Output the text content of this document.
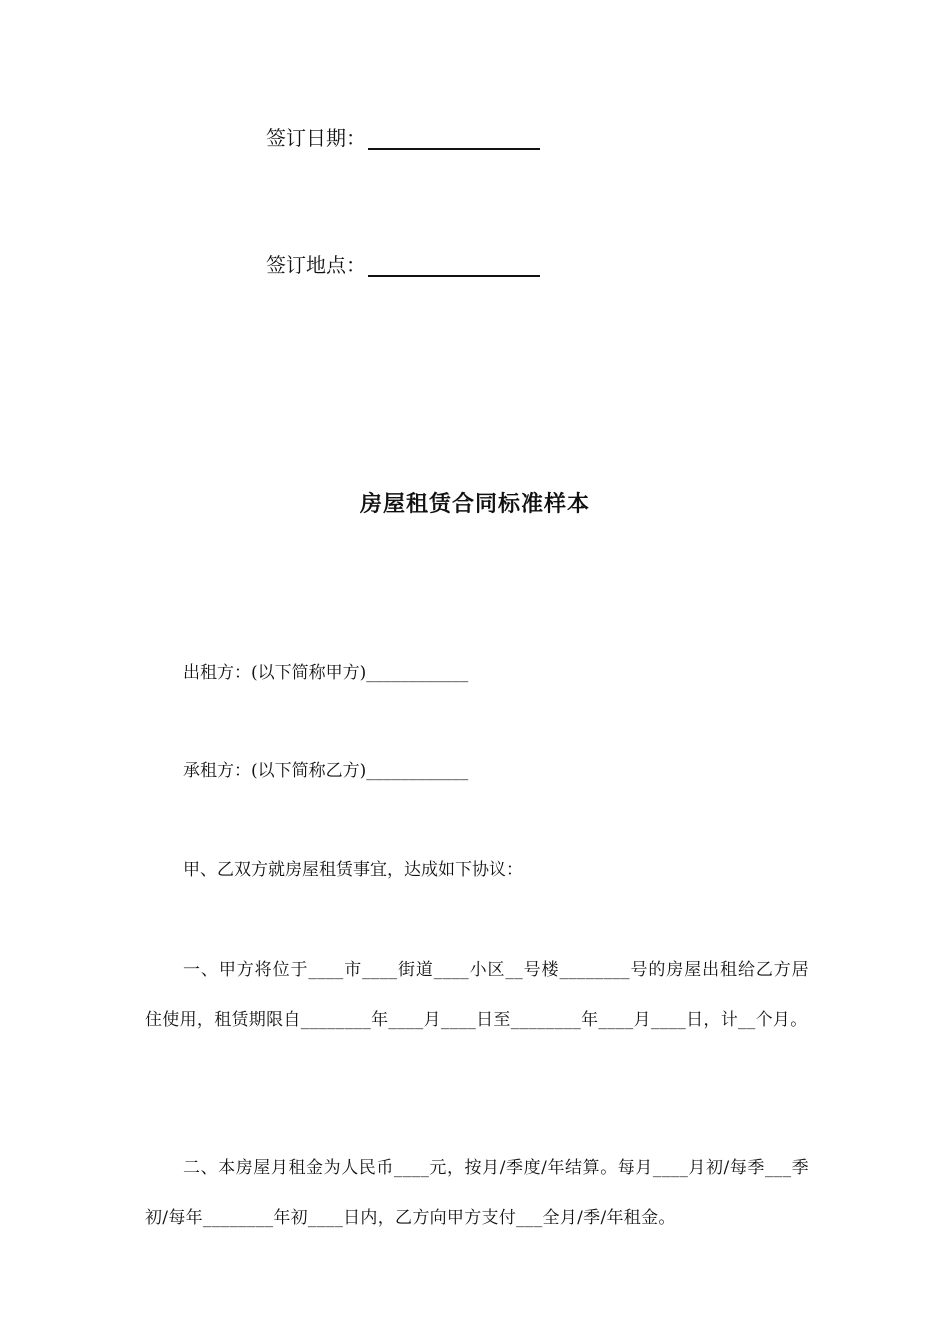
签订日期：
签订地点：
房屋租赁合同标准样本

出租方：(以下简称甲方)____________

承租方：(以下简称乙方)____________

甲、乙双方就房屋租赁事宜，达成如下协议：

一、甲方将位于____市____街道____小区__号楼________号的房屋出租给乙方居住使用，租赁期限自________年____月____日至________年____月____日，计__个月。

二、本房屋月租金为人民币____元，按月/季度/年结算。每月____月初/每季___季初/每年________年初____日内，乙方向甲方支付___全月/季/年租金。
